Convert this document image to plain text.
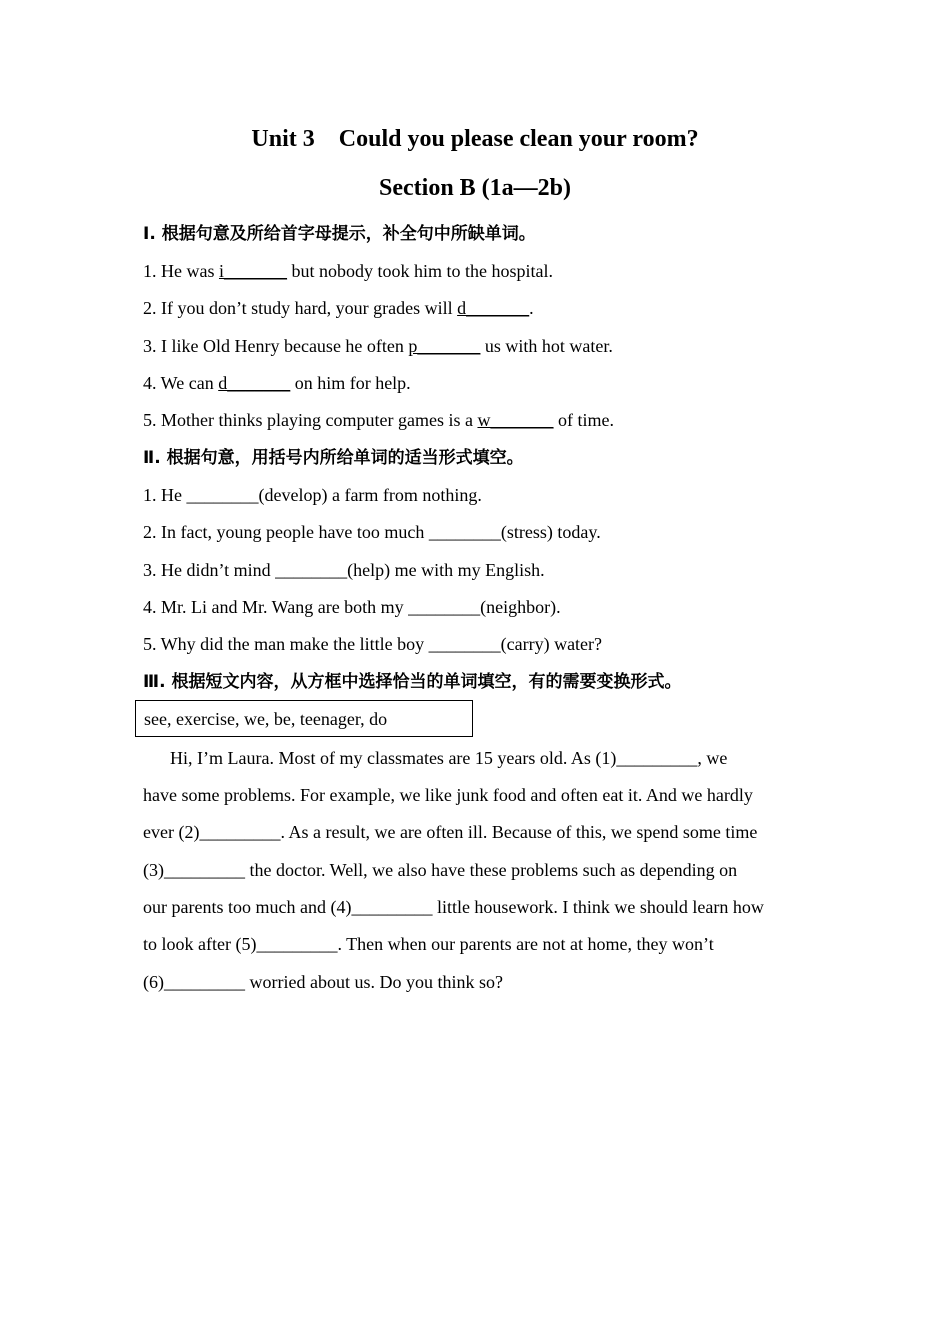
Unit 3    Could you please clean your room?
Section B (1a—2b)
Ⅰ. 根据句意及所给首字母提示，补全句中所缺单词。
1. He was i_______ but nobody took him to the hospital.
2. If you don’t study hard, your grades will d_______.
3. I like Old Henry because he often p_______ us with hot water.
4. We can d_______ on him for help.
5. Mother thinks playing computer games is a w_______ of time.
Ⅱ. 根据句意，用括号内所给单词的适当形式填空。
1. He ________(develop) a farm from nothing.
2. In fact, young people have too much ________(stress) today.
3. He didn’t mind ________(help) me with my English.
4. Mr. Li and Mr. Wang are both my ________(neighbor).
5. Why did the man make the little boy ________(carry) water?
Ⅲ. 根据短文内容，从方框中选择恰当的单词填空，有的需要变换形式。
see, exercise, we, be, teenager, do
Hi, I’m Laura. Most of my classmates are 15 years old. As (1)_________, we
have some problems. For example, we like junk food and often eat it. And we hardly
ever (2)_________. As a result, we are often ill. Because of this, we spend some time
(3)_________ the doctor. Well, we also have these problems such as depending on
our parents too much and (4)_________ little housework. I think we should learn how
to look after (5)_________. Then when our parents are not at home, they won’t
(6)_________ worried about us. Do you think so?
